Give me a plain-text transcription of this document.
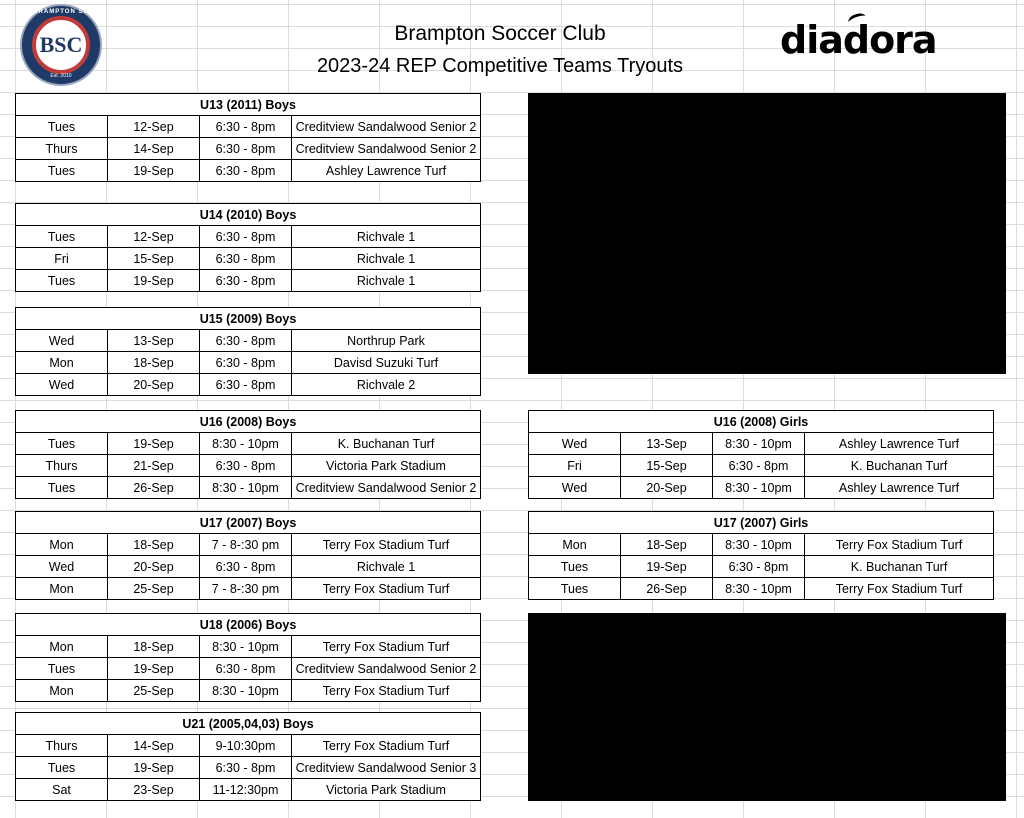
BRAMPTON SC
BSC
Est. 2010
Brampton Soccer Club
2023-24 REP Competitive Teams Tryouts
diadora
U13 (2011) Boys			
Tues	12-Sep	6:30 - 8pm	Creditview Sandalwood Senior 2
Thurs	14-Sep	6:30 - 8pm	Creditview Sandalwood Senior 2
Tues	19-Sep	6:30 - 8pm	Ashley Lawrence Turf
U14 (2010) Boys			
Tues	12-Sep	6:30 - 8pm	Richvale 1
Fri	15-Sep	6:30 - 8pm	Richvale 1
Tues	19-Sep	6:30 - 8pm	Richvale 1
U15 (2009) Boys			
Wed	13-Sep	6:30 - 8pm	Northrup Park
Mon	18-Sep	6:30 - 8pm	Davisd Suzuki Turf
Wed	20-Sep	6:30 - 8pm	Richvale 2
U16 (2008) Boys			
Tues	19-Sep	8:30 - 10pm	K. Buchanan Turf
Thurs	21-Sep	6:30 - 8pm	Victoria Park Stadium
Tues	26-Sep	8:30 - 10pm	Creditview Sandalwood Senior 2
U17 (2007) Boys			
Mon	18-Sep	7 - 8-:30 pm	Terry Fox Stadium Turf
Wed	20-Sep	6:30 - 8pm	Richvale 1
Mon	25-Sep	7 - 8-:30 pm	Terry Fox Stadium Turf
U18 (2006) Boys			
Mon	18-Sep	8:30 - 10pm	Terry Fox Stadium Turf
Tues	19-Sep	6:30 - 8pm	Creditview Sandalwood Senior 2
Mon	25-Sep	8:30 - 10pm	Terry Fox Stadium Turf
U21 (2005,04,03) Boys			
Thurs	14-Sep	9-10:30pm	Terry Fox Stadium Turf
Tues	19-Sep	6:30 - 8pm	Creditview Sandalwood Senior 3
Sat	23-Sep	11-12:30pm	Victoria Park Stadium
U16 (2008) Girls			
Wed	13-Sep	8:30 - 10pm	Ashley Lawrence Turf
Fri	15-Sep	6:30 - 8pm	K. Buchanan Turf
Wed	20-Sep	8:30 - 10pm	Ashley Lawrence Turf
U17 (2007) Girls			
Mon	18-Sep	8:30 - 10pm	Terry Fox Stadium Turf
Tues	19-Sep	6:30 - 8pm	K. Buchanan Turf
Tues	26-Sep	8:30 - 10pm	Terry Fox Stadium Turf
